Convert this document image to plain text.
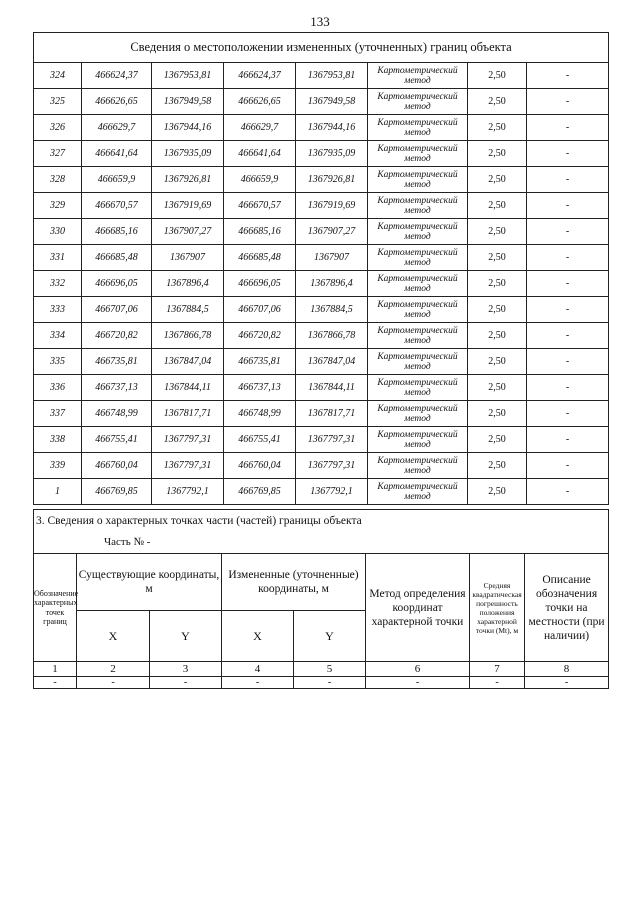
133
Сведения о местоположении измененных (уточненных) границ объекта							
324	466624,37	1367953,81	466624,37	1367953,81	Картометрический метод	2,50	-
325	466626,65	1367949,58	466626,65	1367949,58	Картометрический метод	2,50	-
326	466629,7	1367944,16	466629,7	1367944,16	Картометрический метод	2,50	-
327	466641,64	1367935,09	466641,64	1367935,09	Картометрический метод	2,50	-
328	466659,9	1367926,81	466659,9	1367926,81	Картометрический метод	2,50	-
329	466670,57	1367919,69	466670,57	1367919,69	Картометрический метод	2,50	-
330	466685,16	1367907,27	466685,16	1367907,27	Картометрический метод	2,50	-
331	466685,48	1367907	466685,48	1367907	Картометрический метод	2,50	-
332	466696,05	1367896,4	466696,05	1367896,4	Картометрический метод	2,50	-
333	466707,06	1367884,5	466707,06	1367884,5	Картометрический метод	2,50	-
334	466720,82	1367866,78	466720,82	1367866,78	Картометрический метод	2,50	-
335	466735,81	1367847,04	466735,81	1367847,04	Картометрический метод	2,50	-
336	466737,13	1367844,11	466737,13	1367844,11	Картометрический метод	2,50	-
337	466748,99	1367817,71	466748,99	1367817,71	Картометрический метод	2,50	-
338	466755,41	1367797,31	466755,41	1367797,31	Картометрический метод	2,50	-
339	466760,04	1367797,31	466760,04	1367797,31	Картометрический метод	2,50	-
1	466769,85	1367792,1	466769,85	1367792,1	Картометрический метод	2,50	-
3. Сведения о характерных точках части (частей) границы объекта							
Часть № -							
Обозначение характерных точек границ	Существующие координаты, м		Измененные (уточненные) координаты, м		Метод определения координат характерной точки	Средняя квадратическая погрешность положения характерной точки (Mt), м	Описание обозначения точки на местности (при наличии)
	X	Y	X	Y			
1	2	3	4	5	6	7	8
-	-	-	-	-	-	-	-
